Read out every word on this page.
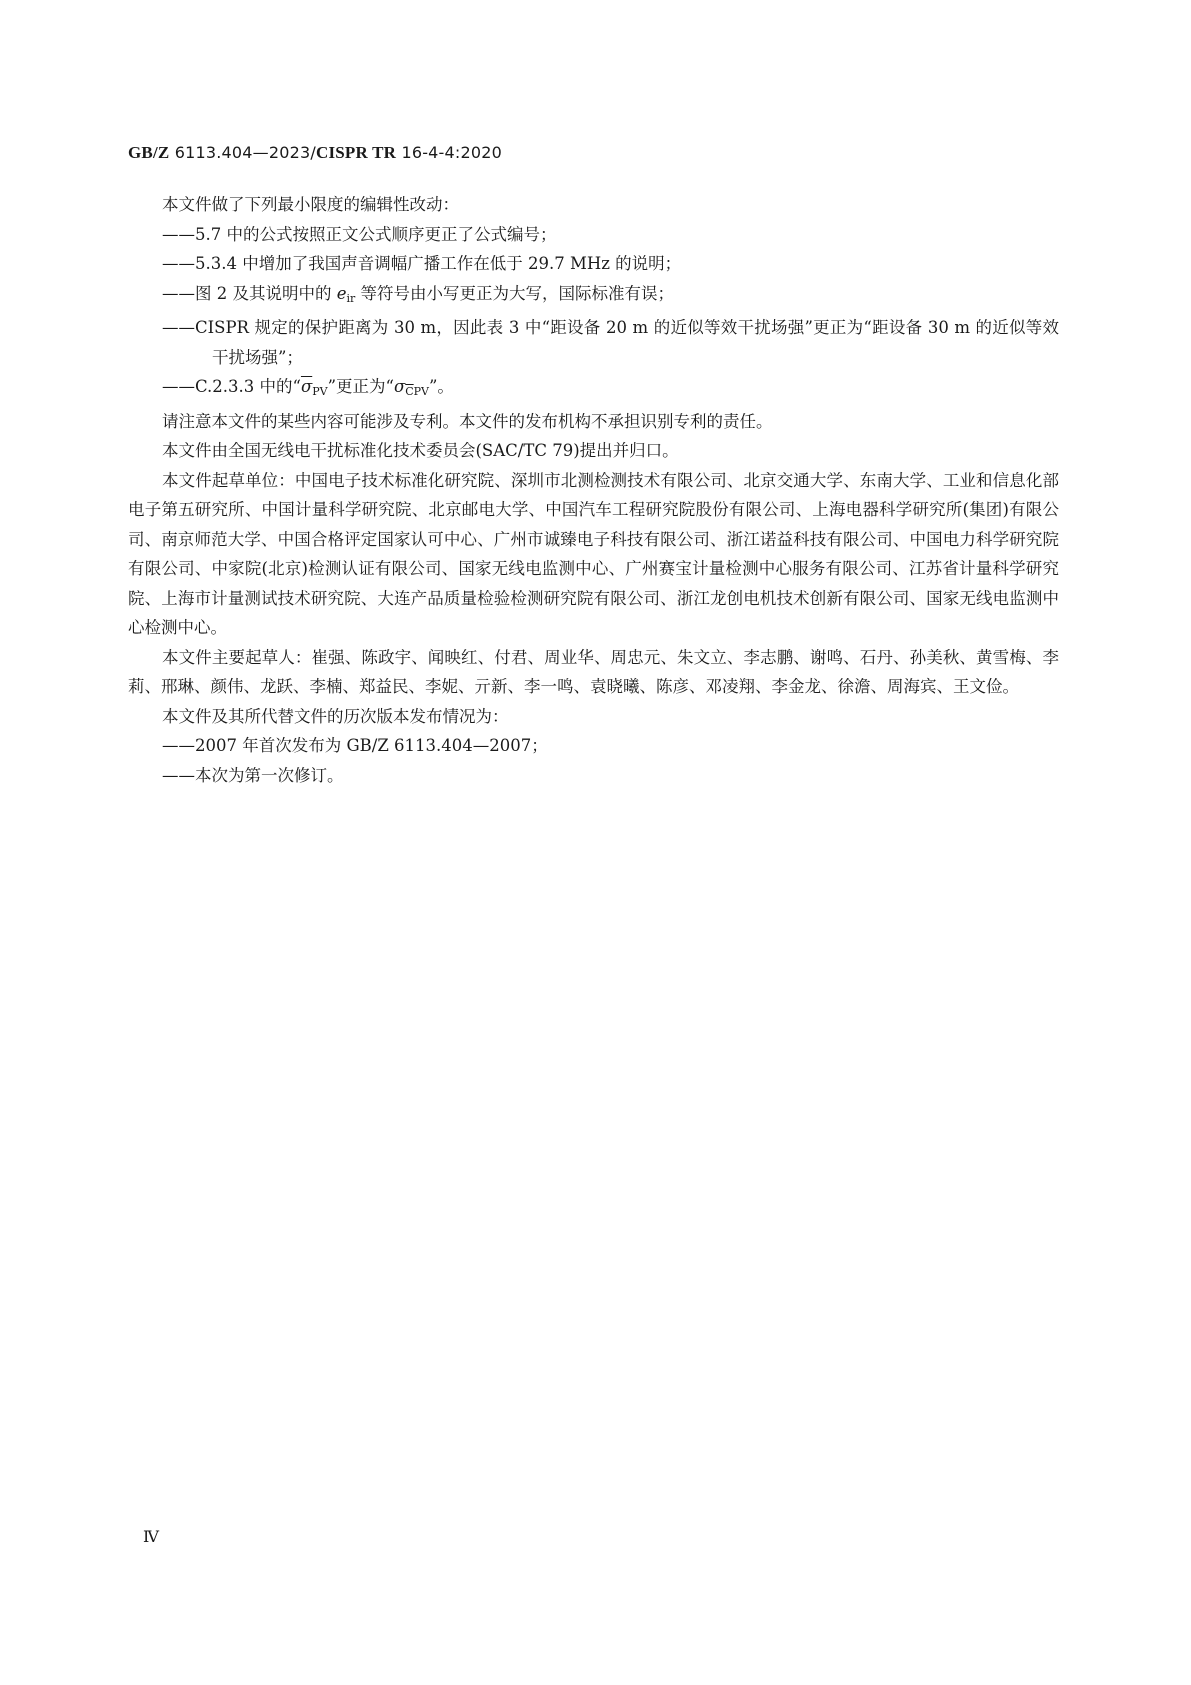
GB/Z 6113.404—2023/CISPR TR 16-4-4:2020

本文件做了下列最小限度的编辑性改动：

——5.7 中的公式按照正文公式顺序更正了公式编号；

——5.3.4 中增加了我国声音调幅广播工作在低于 29.7 MHz 的说明；

——图 2 及其说明中的 $e_{ir}$ 等符号由小写更正为大写，国际标准有误；

——CISPR 规定的保护距离为 30 m，因此表 3 中“距设备 20 m 的近似等效干扰场强”更正为“距设备 30 m 的近似等效干扰场强”；

——C.2.3.3 中的“$\overline{\sigma}_{PV}$”更正为“$\sigma_{\overline{C}PV}$”。

请注意本文件的某些内容可能涉及专利。本文件的发布机构不承担识别专利的责任。

本文件由全国无线电干扰标准化技术委员会(SAC/TC 79)提出并归口。

本文件起草单位：中国电子技术标准化研究院、深圳市北测检测技术有限公司、北京交通大学、东南大学、工业和信息化部电子第五研究所、中国计量科学研究院、北京邮电大学、中国汽车工程研究院股份有限公司、上海电器科学研究所(集团)有限公司、南京师范大学、中国合格评定国家认可中心、广州市诚臻电子科技有限公司、浙江诺益科技有限公司、中国电力科学研究院有限公司、中家院(北京)检测认证有限公司、国家无线电监测中心、广州赛宝计量检测中心服务有限公司、江苏省计量科学研究院、上海市计量测试技术研究院、大连产品质量检验检测研究院有限公司、浙江龙创电机技术创新有限公司、国家无线电监测中心检测中心。

本文件主要起草人：崔强、陈政宇、闻映红、付君、周业华、周忠元、朱文立、李志鹏、谢鸣、石丹、孙美秋、黄雪梅、李莉、邢琳、颜伟、龙跃、李楠、郑益民、李妮、亓新、李一鸣、袁晓曦、陈彦、邓凌翔、李金龙、徐澹、周海宾、王文俭。

本文件及其所代替文件的历次版本发布情况为：

——2007 年首次发布为 GB/Z 6113.404—2007；

——本次为第一次修订。

Ⅳ
